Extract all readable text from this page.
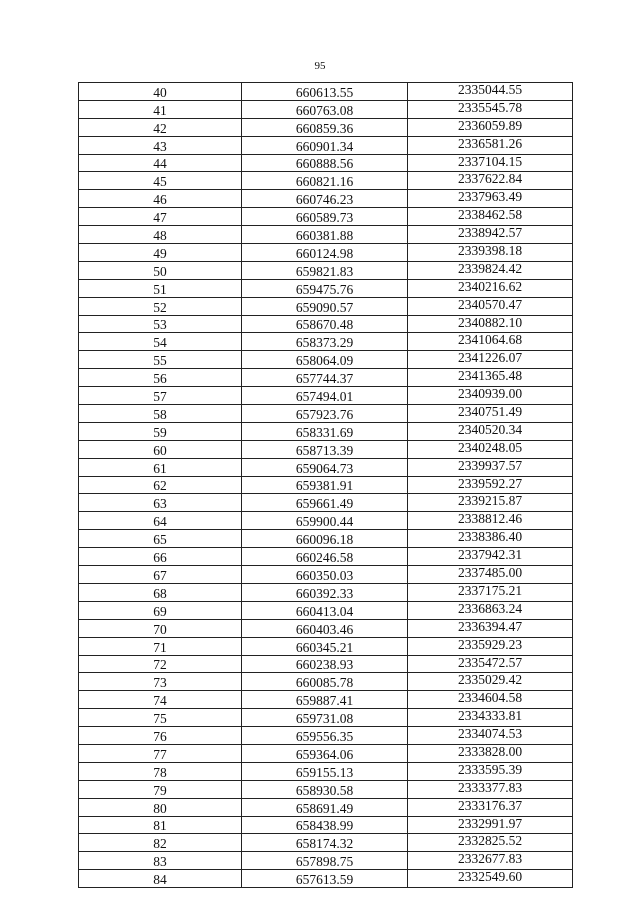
95
40	660613.55	2335044.55
41	660763.08	2335545.78
42	660859.36	2336059.89
43	660901.34	2336581.26
44	660888.56	2337104.15
45	660821.16	2337622.84
46	660746.23	2337963.49
47	660589.73	2338462.58
48	660381.88	2338942.57
49	660124.98	2339398.18
50	659821.83	2339824.42
51	659475.76	2340216.62
52	659090.57	2340570.47
53	658670.48	2340882.10
54	658373.29	2341064.68
55	658064.09	2341226.07
56	657744.37	2341365.48
57	657494.01	2340939.00
58	657923.76	2340751.49
59	658331.69	2340520.34
60	658713.39	2340248.05
61	659064.73	2339937.57
62	659381.91	2339592.27
63	659661.49	2339215.87
64	659900.44	2338812.46
65	660096.18	2338386.40
66	660246.58	2337942.31
67	660350.03	2337485.00
68	660392.33	2337175.21
69	660413.04	2336863.24
70	660403.46	2336394.47
71	660345.21	2335929.23
72	660238.93	2335472.57
73	660085.78	2335029.42
74	659887.41	2334604.58
75	659731.08	2334333.81
76	659556.35	2334074.53
77	659364.06	2333828.00
78	659155.13	2333595.39
79	658930.58	2333377.83
80	658691.49	2333176.37
81	658438.99	2332991.97
82	658174.32	2332825.52
83	657898.75	2332677.83
84	657613.59	2332549.60
